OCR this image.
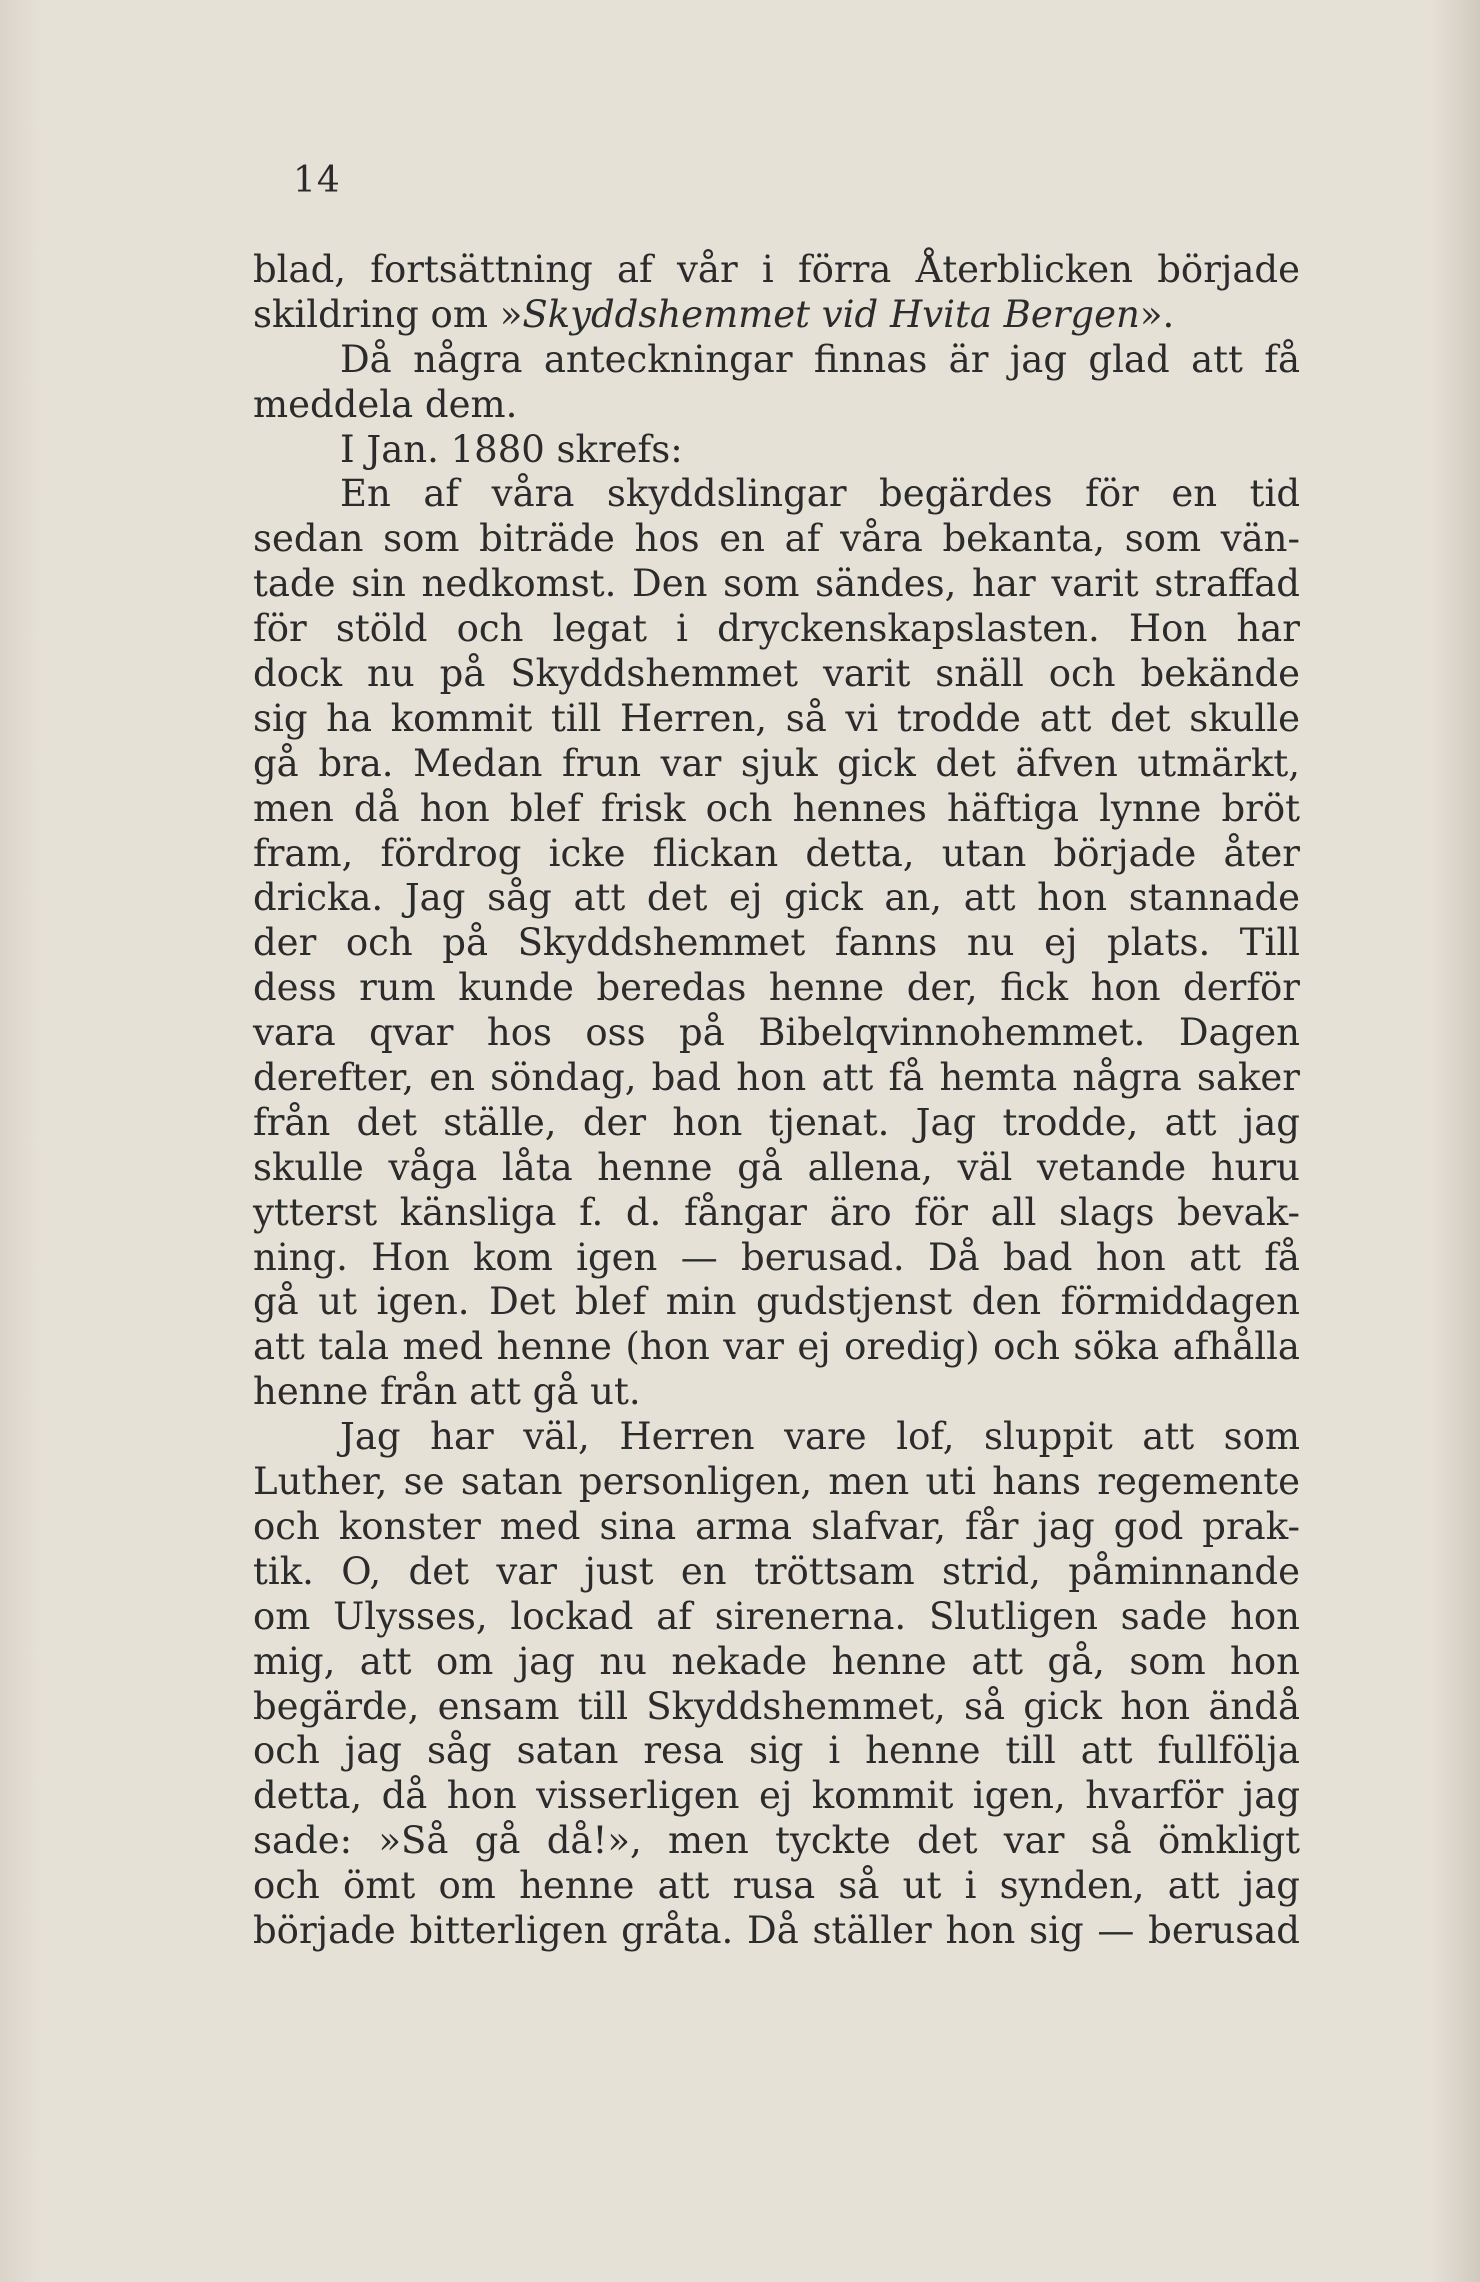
14
blad, fortsättning af vår i förra Återblicken började
skildring om »Skyddshemmet vid Hvita Bergen».
Då några anteckningar finnas är jag glad att få
meddela dem.
I Jan. 1880 skrefs:
En af våra skyddslingar begärdes för en tid
sedan som biträde hos en af våra bekanta, som vän-
tade sin nedkomst. Den som sändes, har varit straffad
för stöld och legat i dryckenskapslasten. Hon har
dock nu på Skyddshemmet varit snäll och bekände
sig ha kommit till Herren, så vi trodde att det skulle
gå bra. Medan frun var sjuk gick det äfven utmärkt,
men då hon blef frisk och hennes häftiga lynne bröt
fram, fördrog icke flickan detta, utan började åter
dricka. Jag såg att det ej gick an, att hon stannade
der och på Skyddshemmet fanns nu ej plats. Till
dess rum kunde beredas henne der, fick hon derför
vara qvar hos oss på Bibelqvinnohemmet. Dagen
derefter, en söndag, bad hon att få hemta några saker
från det ställe, der hon tjenat. Jag trodde, att jag
skulle våga låta henne gå allena, väl vetande huru
ytterst känsliga f. d. fångar äro för all slags bevak-
ning. Hon kom igen — berusad. Då bad hon att få
gå ut igen. Det blef min gudstjenst den förmiddagen
att tala med henne (hon var ej oredig) och söka afhålla
henne från att gå ut.
Jag har väl, Herren vare lof, sluppit att som
Luther, se satan personligen, men uti hans regemente
och konster med sina arma slafvar, får jag god prak-
tik. O, det var just en tröttsam strid, påminnande
om Ulysses, lockad af sirenerna. Slutligen sade hon
mig, att om jag nu nekade henne att gå, som hon
begärde, ensam till Skyddshemmet, så gick hon ändå
och jag såg satan resa sig i henne till att fullfölja
detta, då hon visserligen ej kommit igen, hvarför jag
sade: »Så gå då!», men tyckte det var så ömkligt
och ömt om henne att rusa så ut i synden, att jag
började bitterligen gråta. Då ställer hon sig — berusad
